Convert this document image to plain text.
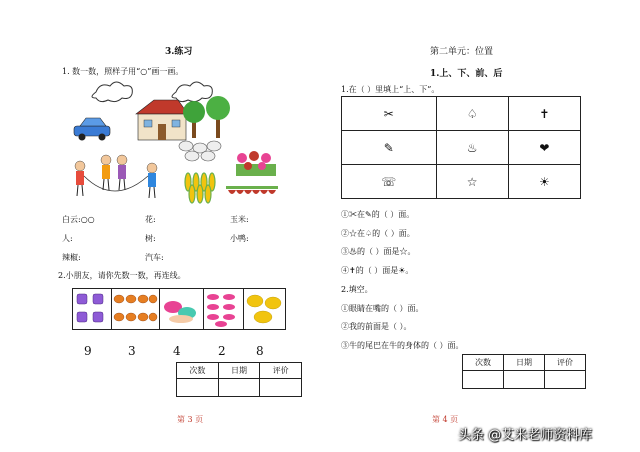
3.练习
1. 数一数，照样子用“○”画一画。
白云:○○	花:	玉米:
人:	树:	小鸭:
辣椒:	汽车:
2.小朋友，请你先数一数，再连线。
9	3	4	2	8
次数	日期	评价

第 3 页
第二单元：位置
1.上、下、前、后
1.在（ ）里填上“上、下”。
✂	♤	✝
✎	♨	❤
☏	☆	☀
①✂在✎的（ ）面。
②☆在♤的（ ）面。
③♨的（ ）面是☆。
④✝的（ ）面是☀。
2.填空。
①眼睛在嘴的（ ）面。
②我的前面是（ ）。
③牛的尾巴在牛的身体的（ ）面。
次数	日期	评价

第 4 页
头条 @艾米老师资料库
